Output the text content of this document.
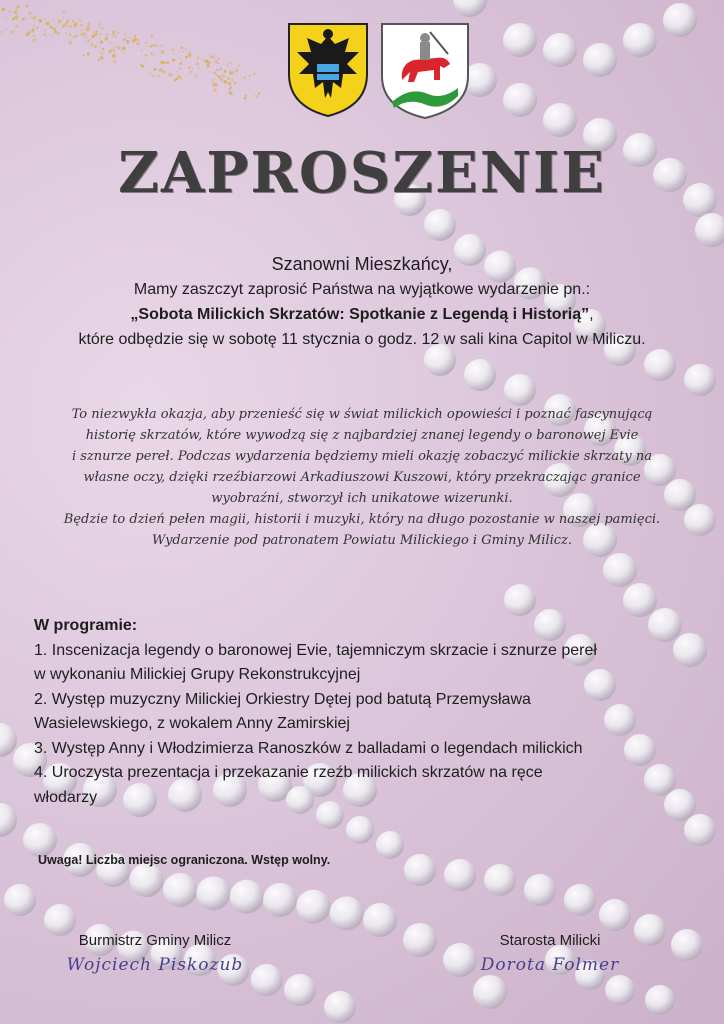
ZAPROSZENIE
Szanowni Mieszkańcy,
Mamy zaszczyt zaprosić Państwa na wyjątkowe wydarzenie pn.:
„Sobota Milickich Skrzatów: Spotkanie z Legendą i Historią”,
które odbędzie się w sobotę 11 stycznia o godz. 12 w sali kina Capitol w Miliczu.
To niezwykła okazja, aby przenieść się w świat milickich opowieści i poznać fascynującą
historię skrzatów, które wywodzą się z najbardziej znanej legendy o baronowej Evie
i sznurze pereł. Podczas wydarzenia będziemy mieli okazję zobaczyć milickie skrzaty na
własne oczy, dzięki rzeźbiarzowi Arkadiuszowi Kuszowi, który przekraczając granice
wyobraźni, stworzył ich unikatowe wizerunki.
Będzie to dzień pełen magii, historii i muzyki, który na długo pozostanie w naszej pamięci.
Wydarzenie pod patronatem Powiatu Milickiego i Gminy Milicz.
W programie:
1. Inscenizacja legendy o baronowej Evie, tajemniczym skrzacie i sznurze pereł
w wykonaniu Milickiej Grupy Rekonstrukcyjnej
2. Występ muzyczny Milickiej Orkiestry Dętej pod batutą Przemysława
Wasielewskiego, z wokalem Anny Zamirskiej
3. Występ Anny i Włodzimierza Ranoszków z balladami o legendach milickich
4. Uroczysta prezentacja i przekazanie rzeźb milickich skrzatów na ręce
włodarzy
Uwaga! Liczba miejsc ograniczona. Wstęp wolny.
Burmistrz Gminy Milicz
Wojciech Piskozub
Starosta Milicki
Dorota Folmer
